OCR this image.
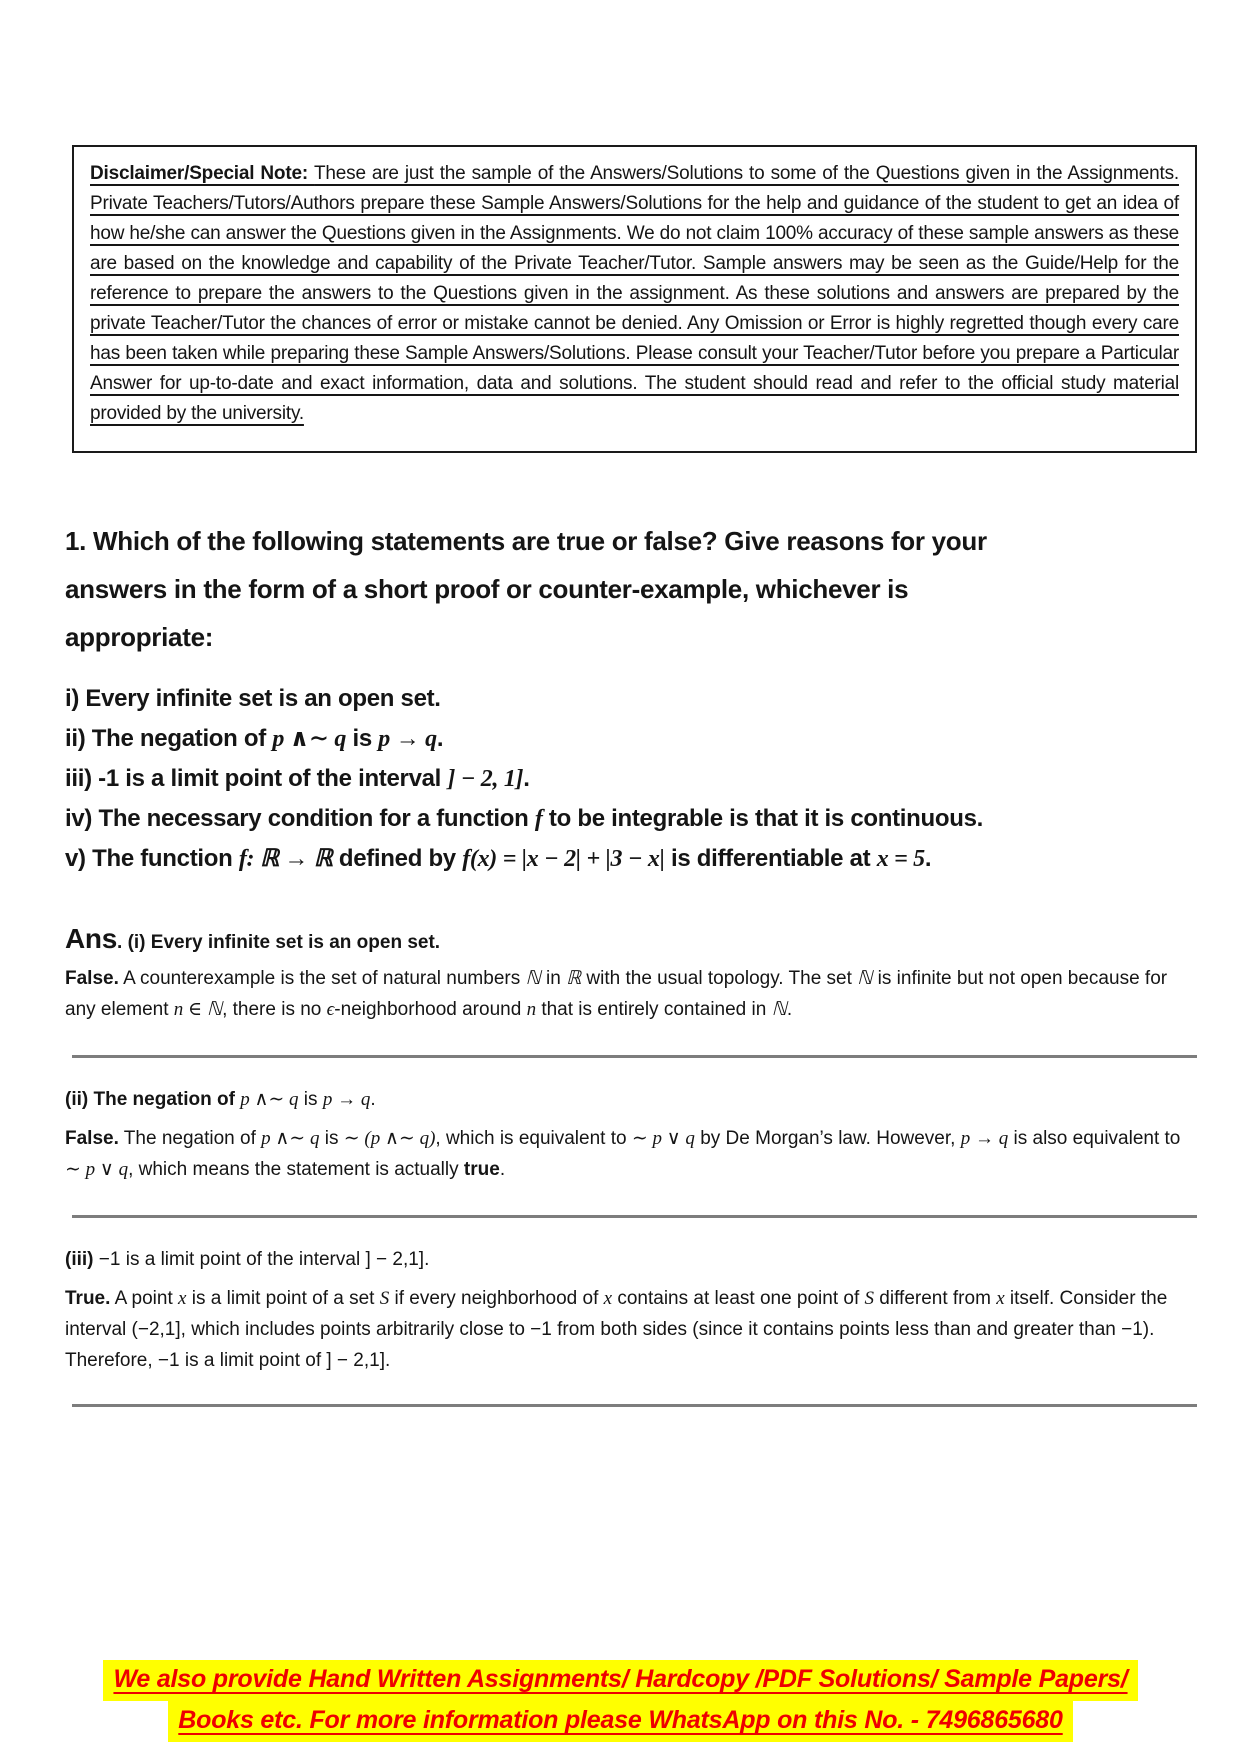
Disclaimer/Special Note: These are just the sample of the Answers/Solutions to some of the Questions given in the Assignments. Private Teachers/Tutors/Authors prepare these Sample Answers/Solutions for the help and guidance of the student to get an idea of how he/she can answer the Questions given in the Assignments. We do not claim 100% accuracy of these sample answers as these are based on the knowledge and capability of the Private Teacher/Tutor. Sample answers may be seen as the Guide/Help for the reference to prepare the answers to the Questions given in the assignment. As these solutions and answers are prepared by the private Teacher/Tutor the chances of error or mistake cannot be denied. Any Omission or Error is highly regretted though every care has been taken while preparing these Sample Answers/Solutions. Please consult your Teacher/Tutor before you prepare a Particular Answer for up-to-date and exact information, data and solutions. The student should read and refer to the official study material provided by the university.

1. Which of the following statements are true or false? Give reasons for your answers in the form of a short proof or counter-example, whichever is appropriate:

i) Every infinite set is an open set.

ii) The negation of p ∧∼ q is p → q.

iii) -1 is a limit point of the interval ] − 2, 1].

iv) The necessary condition for a function f to be integrable is that it is continuous.

v) The function f: ℝ → ℝ defined by f(x) = |x − 2| + |3 − x| is differentiable at x = 5.

Ans. (i) Every infinite set is an open set.

False. A counterexample is the set of natural numbers ℕ in ℝ with the usual topology. The set ℕ is infinite but not open because for any element n ∈ ℕ, there is no ϵ-neighborhood around n that is entirely contained in ℕ.

(ii) The negation of p ∧∼ q is p → q.

False. The negation of p ∧∼ q is ∼ (p ∧∼ q), which is equivalent to ∼ p ∨ q by De Morgan’s law. However, p → q is also equivalent to ∼ p ∨ q, which means the statement is actually true.

(iii) −1 is a limit point of the interval ] − 2,1].

True. A point x is a limit point of a set S if every neighborhood of x contains at least one point of S different from x itself. Consider the interval (−2,1], which includes points arbitrarily close to −1 from both sides (since it contains points less than and greater than −1). Therefore, −1 is a limit point of ] − 2,1].

We also provide Hand Written Assignments/ Hardcopy /PDF Solutions/ Sample Papers/
Books etc. For more information please WhatsApp on this No. - 7496865680
